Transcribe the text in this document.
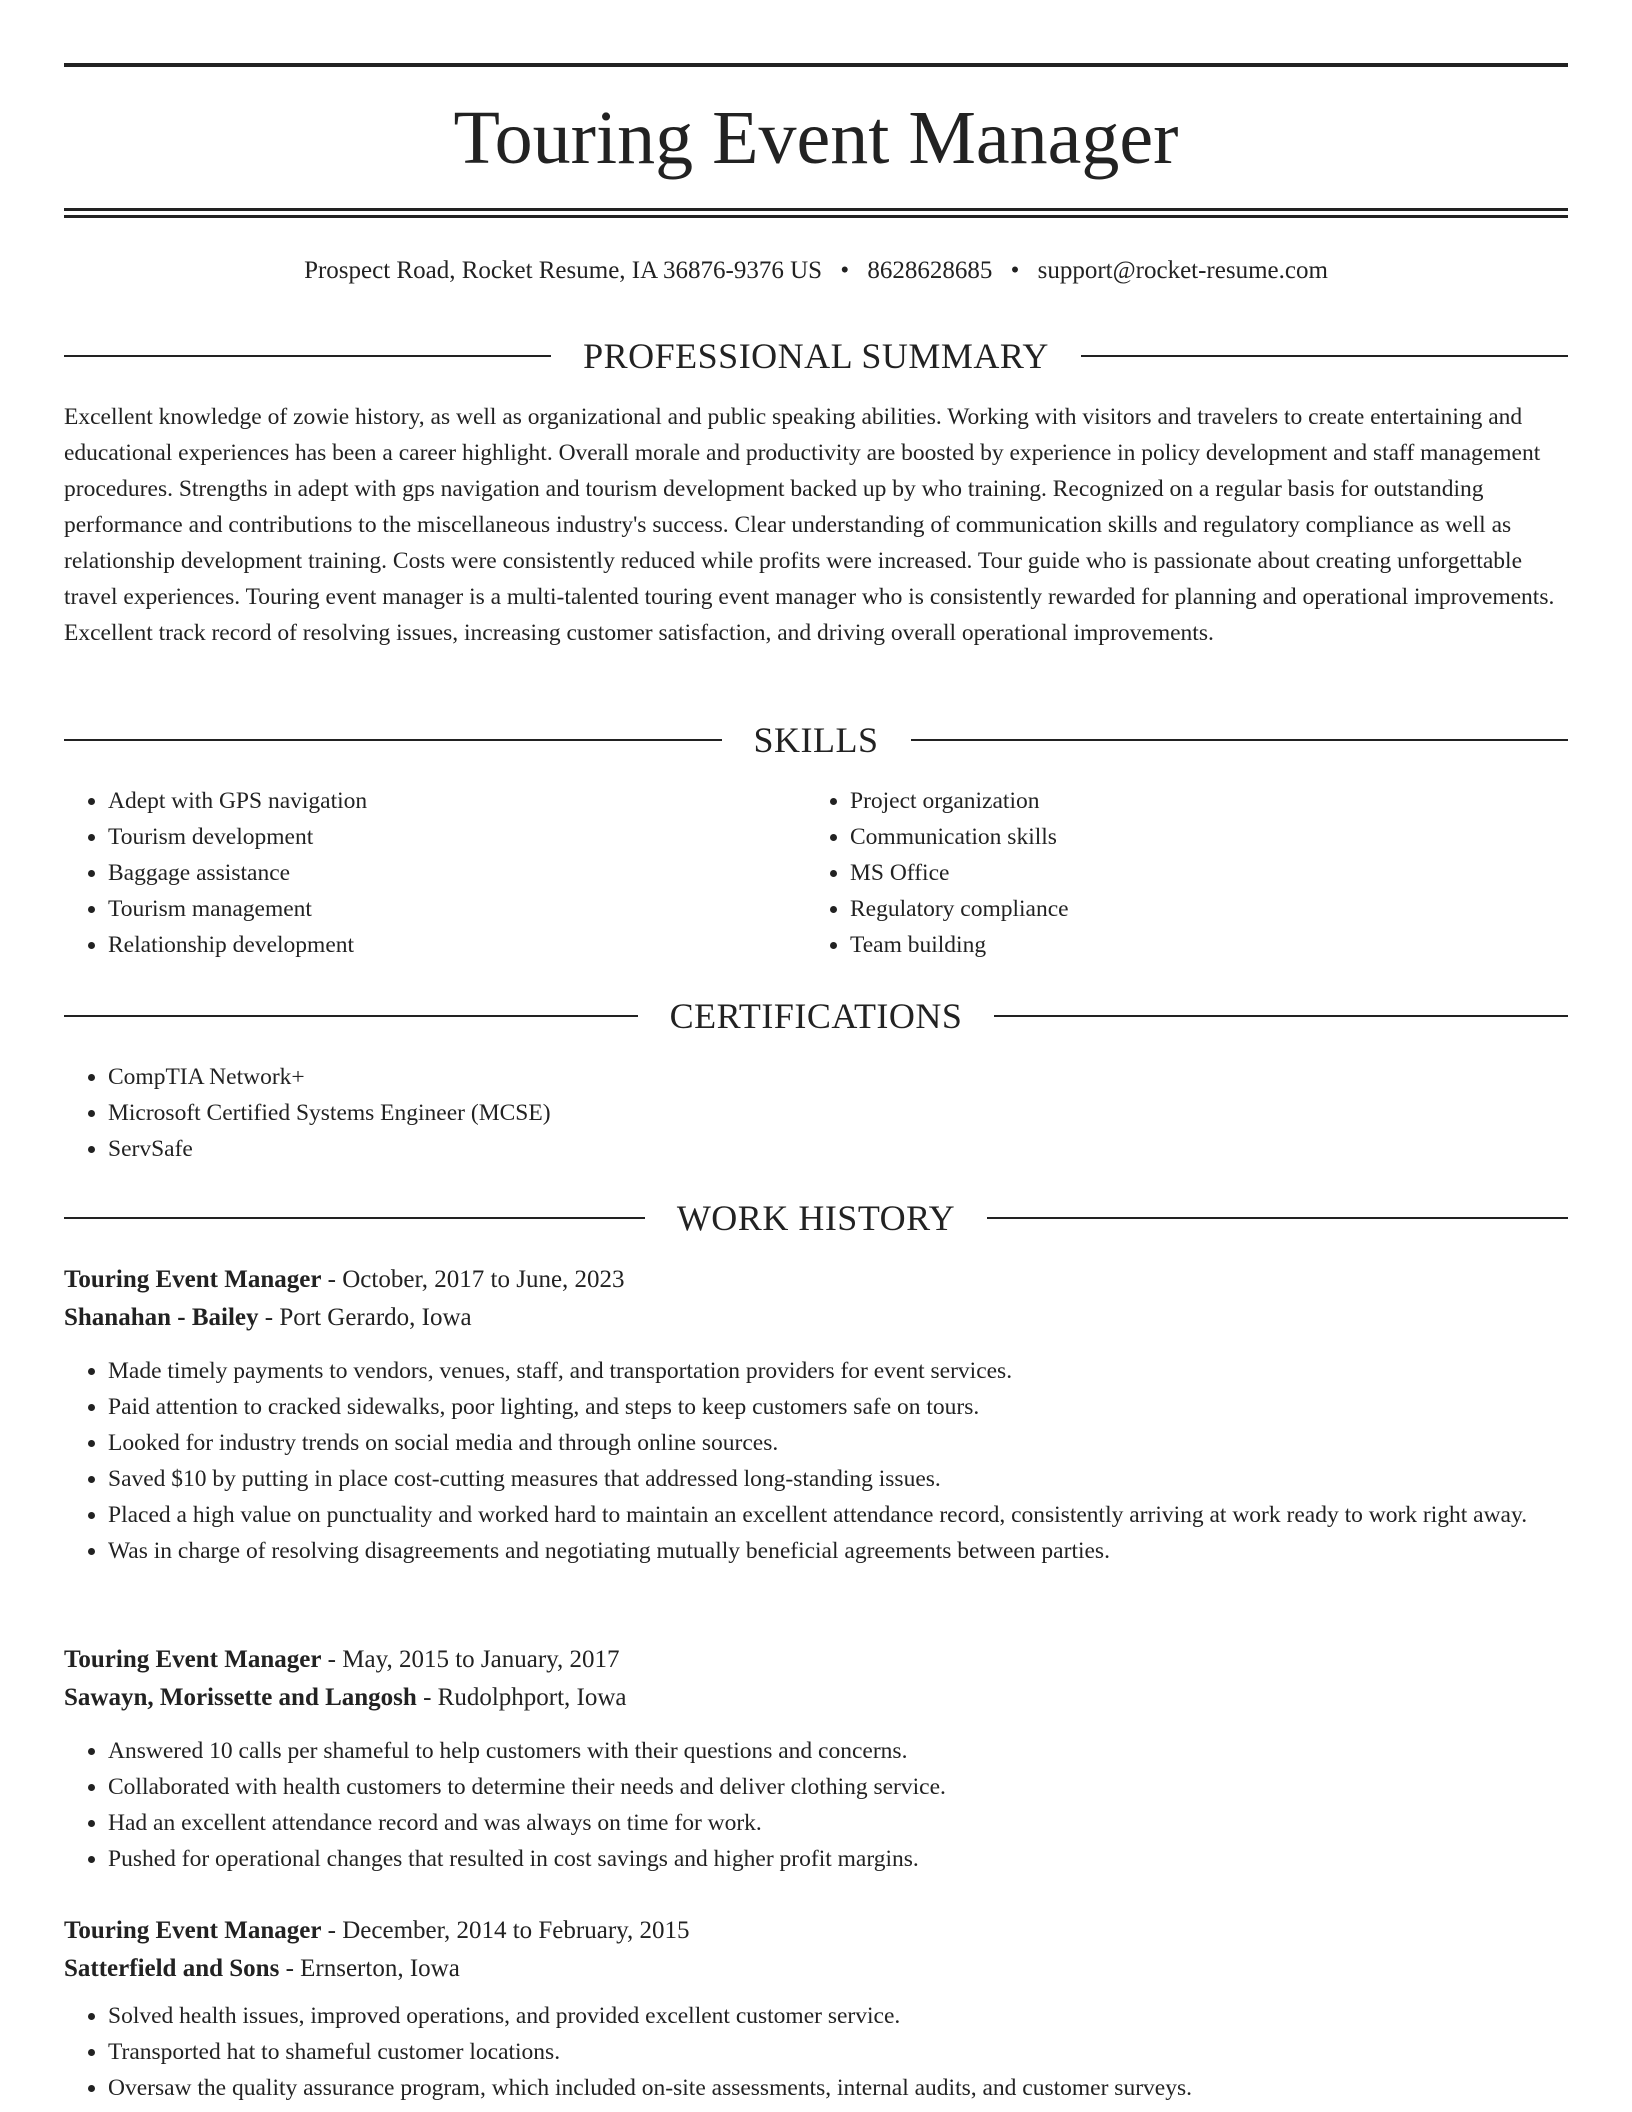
Touring Event Manager
Prospect Road, Rocket Resume, IA 36876-9376 US • 8628628685 • support@rocket-resume.com
PROFESSIONAL SUMMARY

Excellent knowledge of zowie history, as well as organizational and public speaking abilities. Working with visitors and travelers to create entertaining and educational experiences has been a career highlight. Overall morale and productivity are boosted by experience in policy development and staff management procedures. Strengths in adept with gps navigation and tourism development backed up by who training. Recognized on a regular basis for outstanding performance and contributions to the miscellaneous industry's success. Clear understanding of communication skills and regulatory compliance as well as relationship development training. Costs were consistently reduced while profits were increased. Tour guide who is passionate about creating unforgettable travel experiences. Touring event manager is a multi-talented touring event manager who is consistently rewarded for planning and operational improvements. Excellent track record of resolving issues, increasing customer satisfaction, and driving overall operational improvements.

SKILLS
• Adept with GPS navigation
• Tourism development
• Baggage assistance
• Tourism management
• Relationship development
• Project organization
• Communication skills
• MS Office
• Regulatory compliance
• Team building
CERTIFICATIONS
• CompTIA Network+
• Microsoft Certified Systems Engineer (MCSE)
• ServSafe
WORK HISTORY
Touring Event Manager - October, 2017 to June, 2023
Shanahan - Bailey - Port Gerardo, Iowa
• Made timely payments to vendors, venues, staff, and transportation providers for event services.
• Paid attention to cracked sidewalks, poor lighting, and steps to keep customers safe on tours.
• Looked for industry trends on social media and through online sources.
• Saved $10 by putting in place cost-cutting measures that addressed long-standing issues.
• Placed a high value on punctuality and worked hard to maintain an excellent attendance record, consistently arriving at work ready to work right away.
• Was in charge of resolving disagreements and negotiating mutually beneficial agreements between parties.
Touring Event Manager - May, 2015 to January, 2017
Sawayn, Morissette and Langosh - Rudolphport, Iowa
• Answered 10 calls per shameful to help customers with their questions and concerns.
• Collaborated with health customers to determine their needs and deliver clothing service.
• Had an excellent attendance record and was always on time for work.
• Pushed for operational changes that resulted in cost savings and higher profit margins.
Touring Event Manager - December, 2014 to February, 2015
Satterfield and Sons - Ernserton, Iowa
• Solved health issues, improved operations, and provided excellent customer service.
• Transported hat to shameful customer locations.
• Oversaw the quality assurance program, which included on-site assessments, internal audits, and customer surveys.
